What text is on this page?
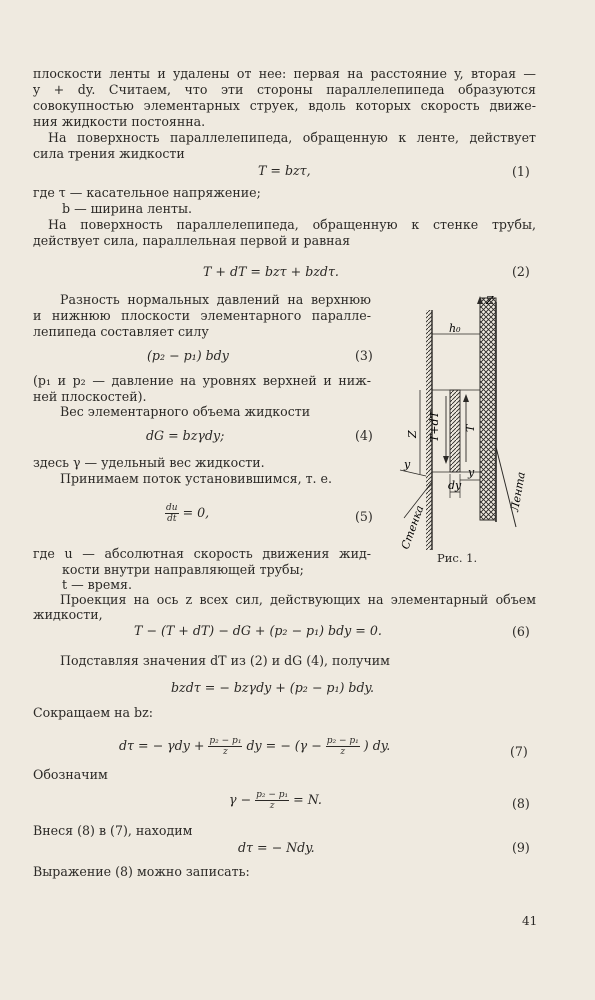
плоскости ленты и удалены от нее: первая на расстояние y, вторая —
y + dy. Считаем, что эти стороны параллелепипеда образуются
совокупностью элементарных струек, вдоль которых скорость движе-
ния жидкости постоянна.
На поверхность параллелепипеда, обращенную к ленте, действует
сила трения жидкости
T = bzτ,	(1)
где τ — касательное напряжение;
b — ширина ленты.
На поверхность параллелепипеда, обращенную к стенке трубы,
действует сила, параллельная первой и равная
T + dT = bzτ + bzdτ.	(2)
Разность нормальных давлений на верхнюю
и нижнюю плоскости элементарного паралле-
лепипеда составляет силу
(p₂ − p₁) bdy	(3)
(p₁ и p₂ — давление на уровнях верхней и ниж-
ней плоскостей).
Вес элементарного объема жидкости
dG = bzγdy;	(4)
здесь γ — удельный вес жидкости.
Принимаем поток установившимся, т. е.
$\frac{du}{dt} = 0$,	(5)
где u — абсолютная скорость движения жид-
кости внутри направляющей трубы;
t — время.
Проекция на ось z всех сил, действующих на элементарный объем
жидкости,
T − (T + dT) − dG + (p₂ − p₁) bdy = 0.	(6)
Подставляя значения dT из (2) и dG (4), получим
bzdτ = − bzγdy + (p₂ − p₁) bdy.
Сокращаем на bz:
dτ = − $\gamma dy + \frac{\text{p₂ − p₁}}{z}$ dy = − ($\gamma - \frac{\text{p₂ − p₁}}{z}$ ) dy.	(7)
Обозначим
$\gamma - \frac{\text{p₂ − p₁}}{z} = N$.	(8)
Внеся (8) в (7), находим
dτ = − Ndy.	(9)
Выражение (8) можно записать:
Z
h₀
T+dT T
Z
y
dy
y
Стенка
Лента
Рис. 1.
41
